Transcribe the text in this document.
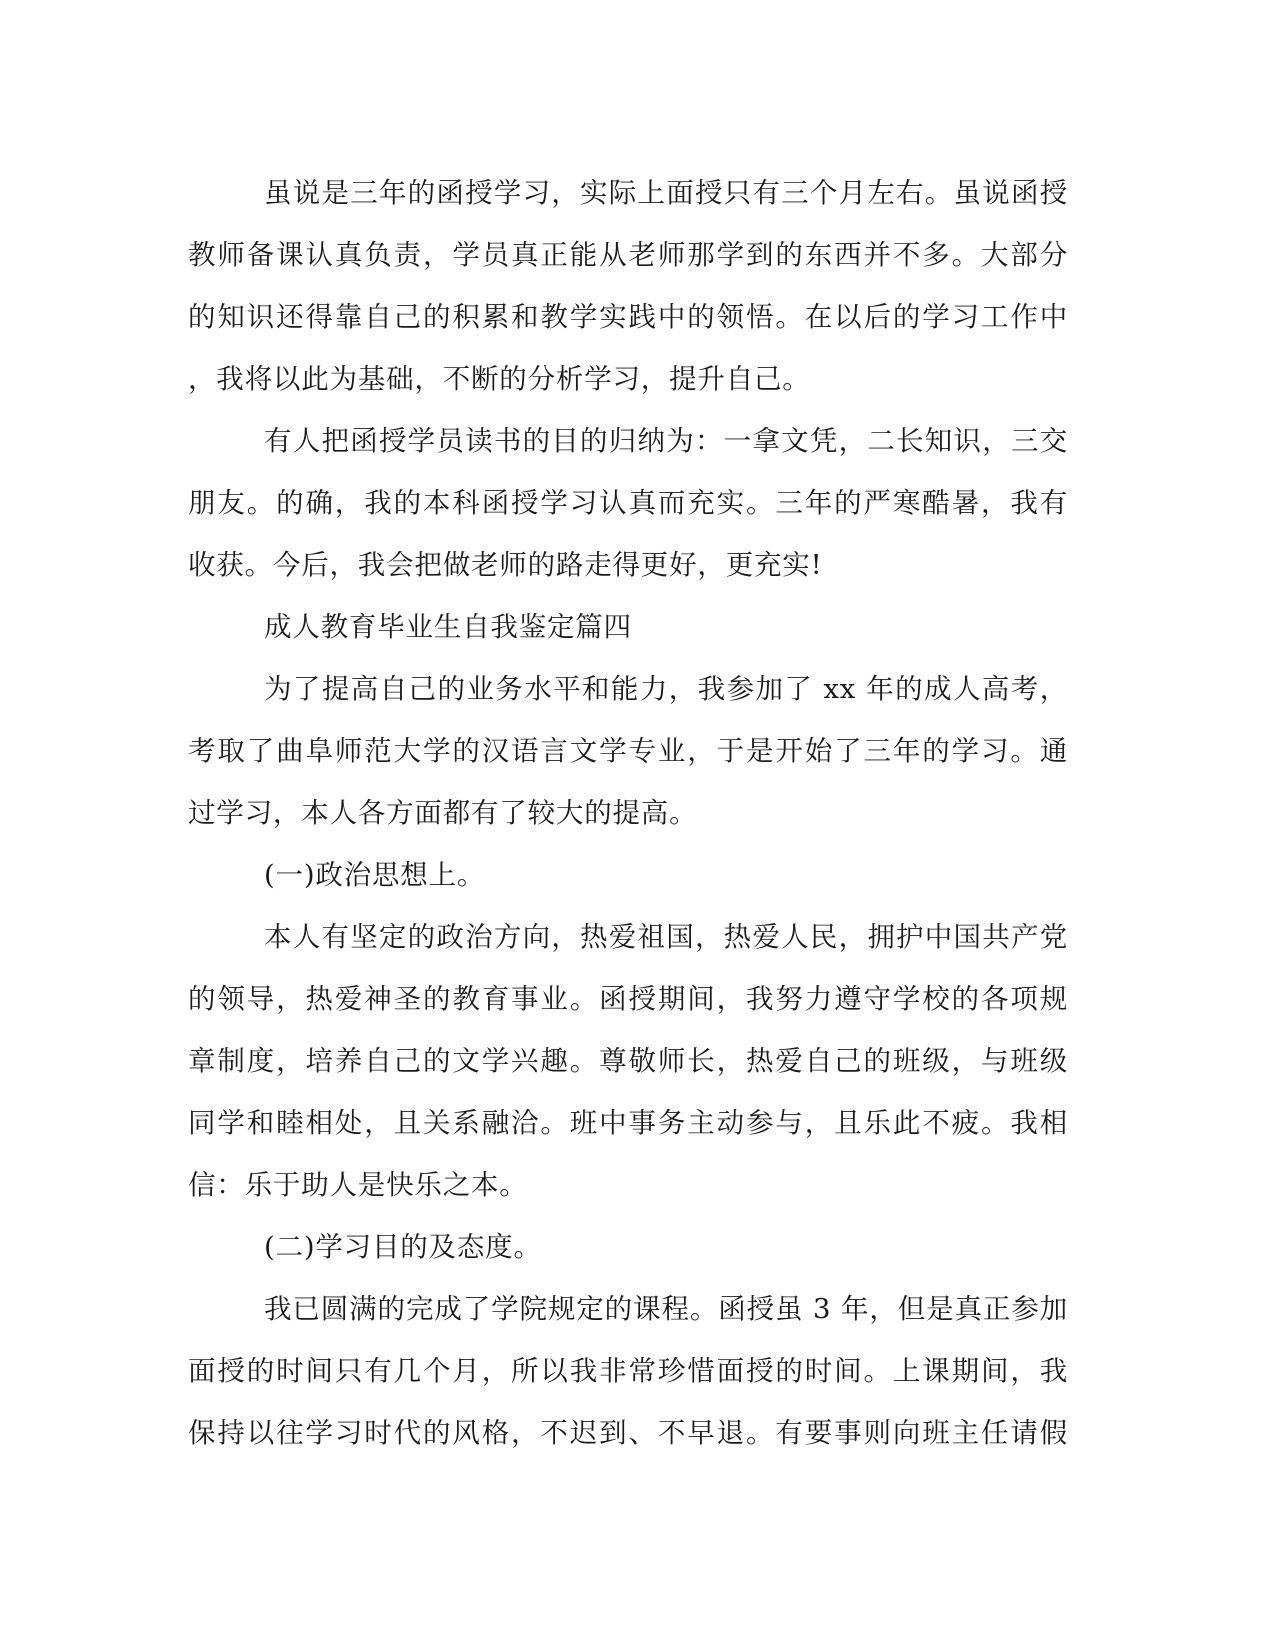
虽说是三年的函授学习，实际上面授只有三个月左右。虽说函授
教师备课认真负责，学员真正能从老师那学到的东西并不多。大部分
的知识还得靠自己的积累和教学实践中的领悟。在以后的学习工作中
，我将以此为基础，不断的分析学习，提升自己。
有人把函授学员读书的目的归纳为：一拿文凭，二长知识，三交
朋友。的确，我的本科函授学习认真而充实。三年的严寒酷暑，我有
收获。今后，我会把做老师的路走得更好，更充实!
成人教育毕业生自我鉴定篇四
为了提高自己的业务水平和能力，我参加了 xx 年的成人高考，
考取了曲阜师范大学的汉语言文学专业，于是开始了三年的学习。通
过学习，本人各方面都有了较大的提高。
(一)政治思想上。
本人有坚定的政治方向，热爱祖国，热爱人民，拥护中国共产党
的领导，热爱神圣的教育事业。函授期间，我努力遵守学校的各项规
章制度，培养自己的文学兴趣。尊敬师长，热爱自己的班级，与班级
同学和睦相处，且关系融洽。班中事务主动参与，且乐此不疲。我相
信：乐于助人是快乐之本。
(二)学习目的及态度。
我已圆满的完成了学院规定的课程。函授虽 3 年，但是真正参加
面授的时间只有几个月，所以我非常珍惜面授的时间。上课期间，我
保持以往学习时代的风格，不迟到、不早退。有要事则向班主任请假
